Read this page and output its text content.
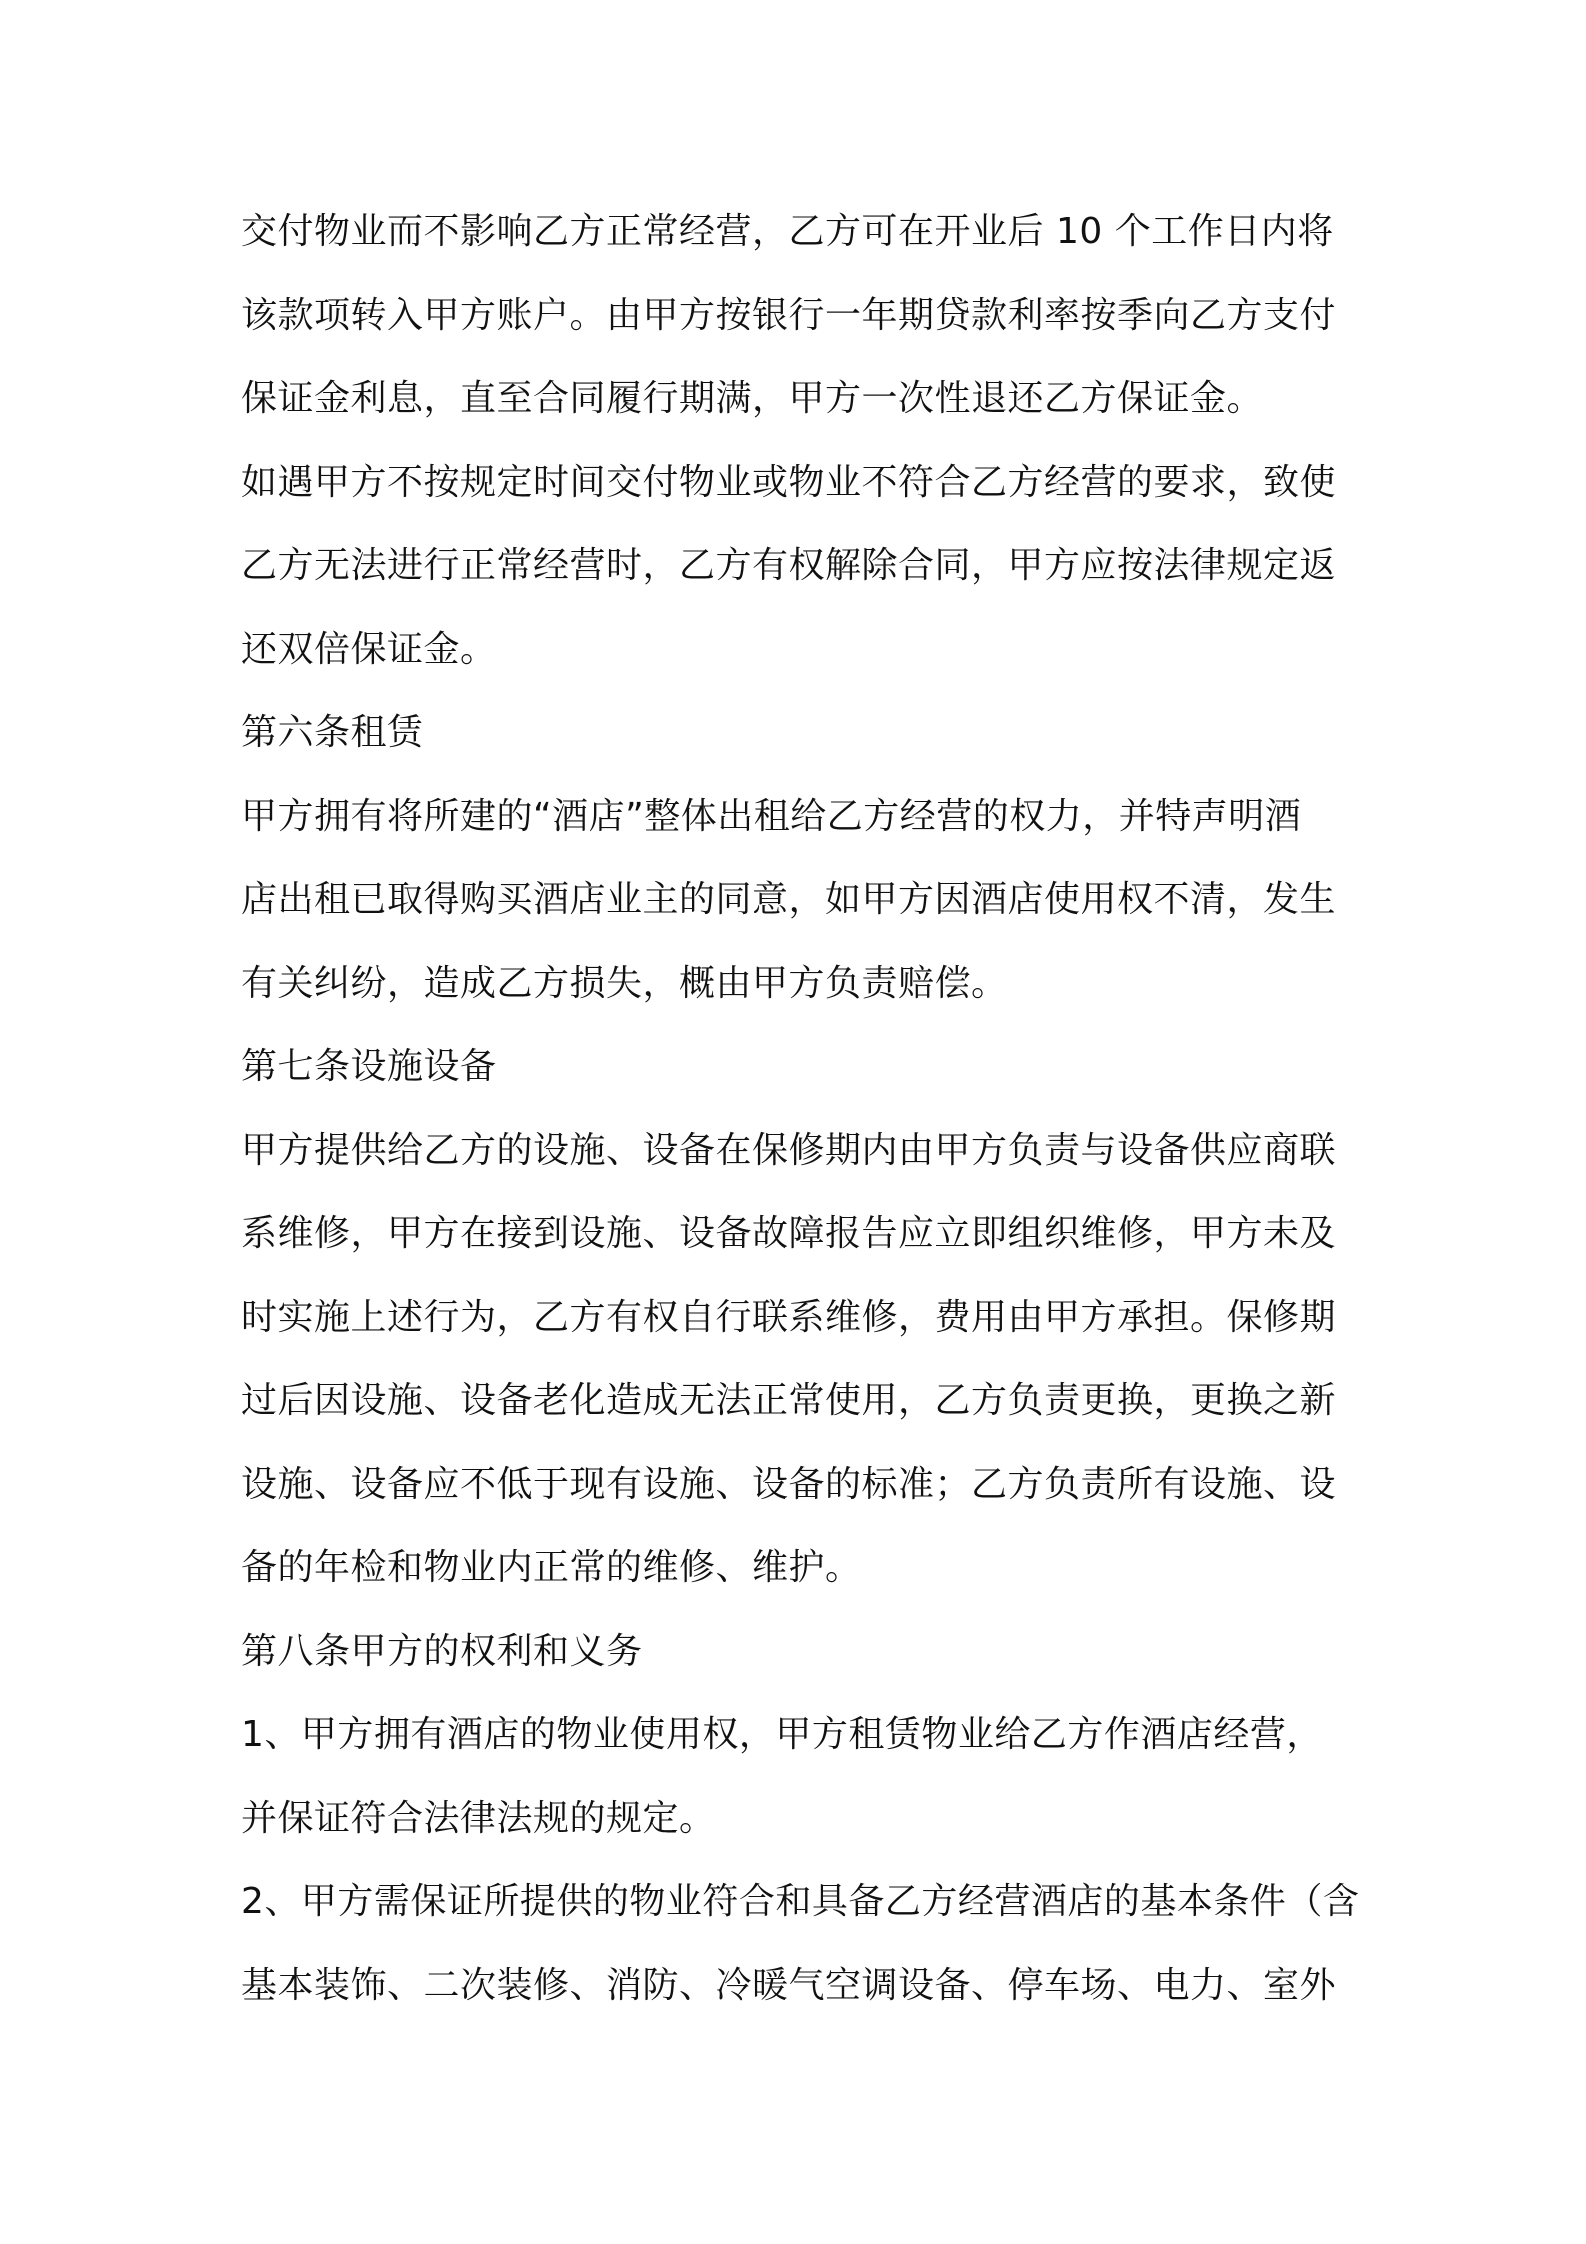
交付物业而不影响乙方正常经营，乙方可在开业后 10 个工作日内将
该款项转入甲方账户。由甲方按银行一年期贷款利率按季向乙方支付
保证金利息，直至合同履行期满，甲方一次性退还乙方保证金。

如遇甲方不按规定时间交付物业或物业不符合乙方经营的要求，致使
乙方无法进行正常经营时，乙方有权解除合同，甲方应按法律规定返
还双倍保证金。

第六条租赁

甲方拥有将所建的“酒店”整体出租给乙方经营的权力，并特声明酒
店出租已取得购买酒店业主的同意，如甲方因酒店使用权不清，发生
有关纠纷，造成乙方损失，概由甲方负责赔偿。

第七条设施设备

甲方提供给乙方的设施、设备在保修期内由甲方负责与设备供应商联
系维修，甲方在接到设施、设备故障报告应立即组织维修，甲方未及
时实施上述行为，乙方有权自行联系维修，费用由甲方承担。保修期
过后因设施、设备老化造成无法正常使用，乙方负责更换，更换之新
设施、设备应不低于现有设施、设备的标准；乙方负责所有设施、设
备的年检和物业内正常的维修、维护。

第八条甲方的权利和义务

1、甲方拥有酒店的物业使用权，甲方租赁物业给乙方作酒店经营，
并保证符合法律法规的规定。

2、甲方需保证所提供的物业符合和具备乙方经营酒店的基本条件（含
基本装饰、二次装修、消防、冷暖气空调设备、停车场、电力、室外
